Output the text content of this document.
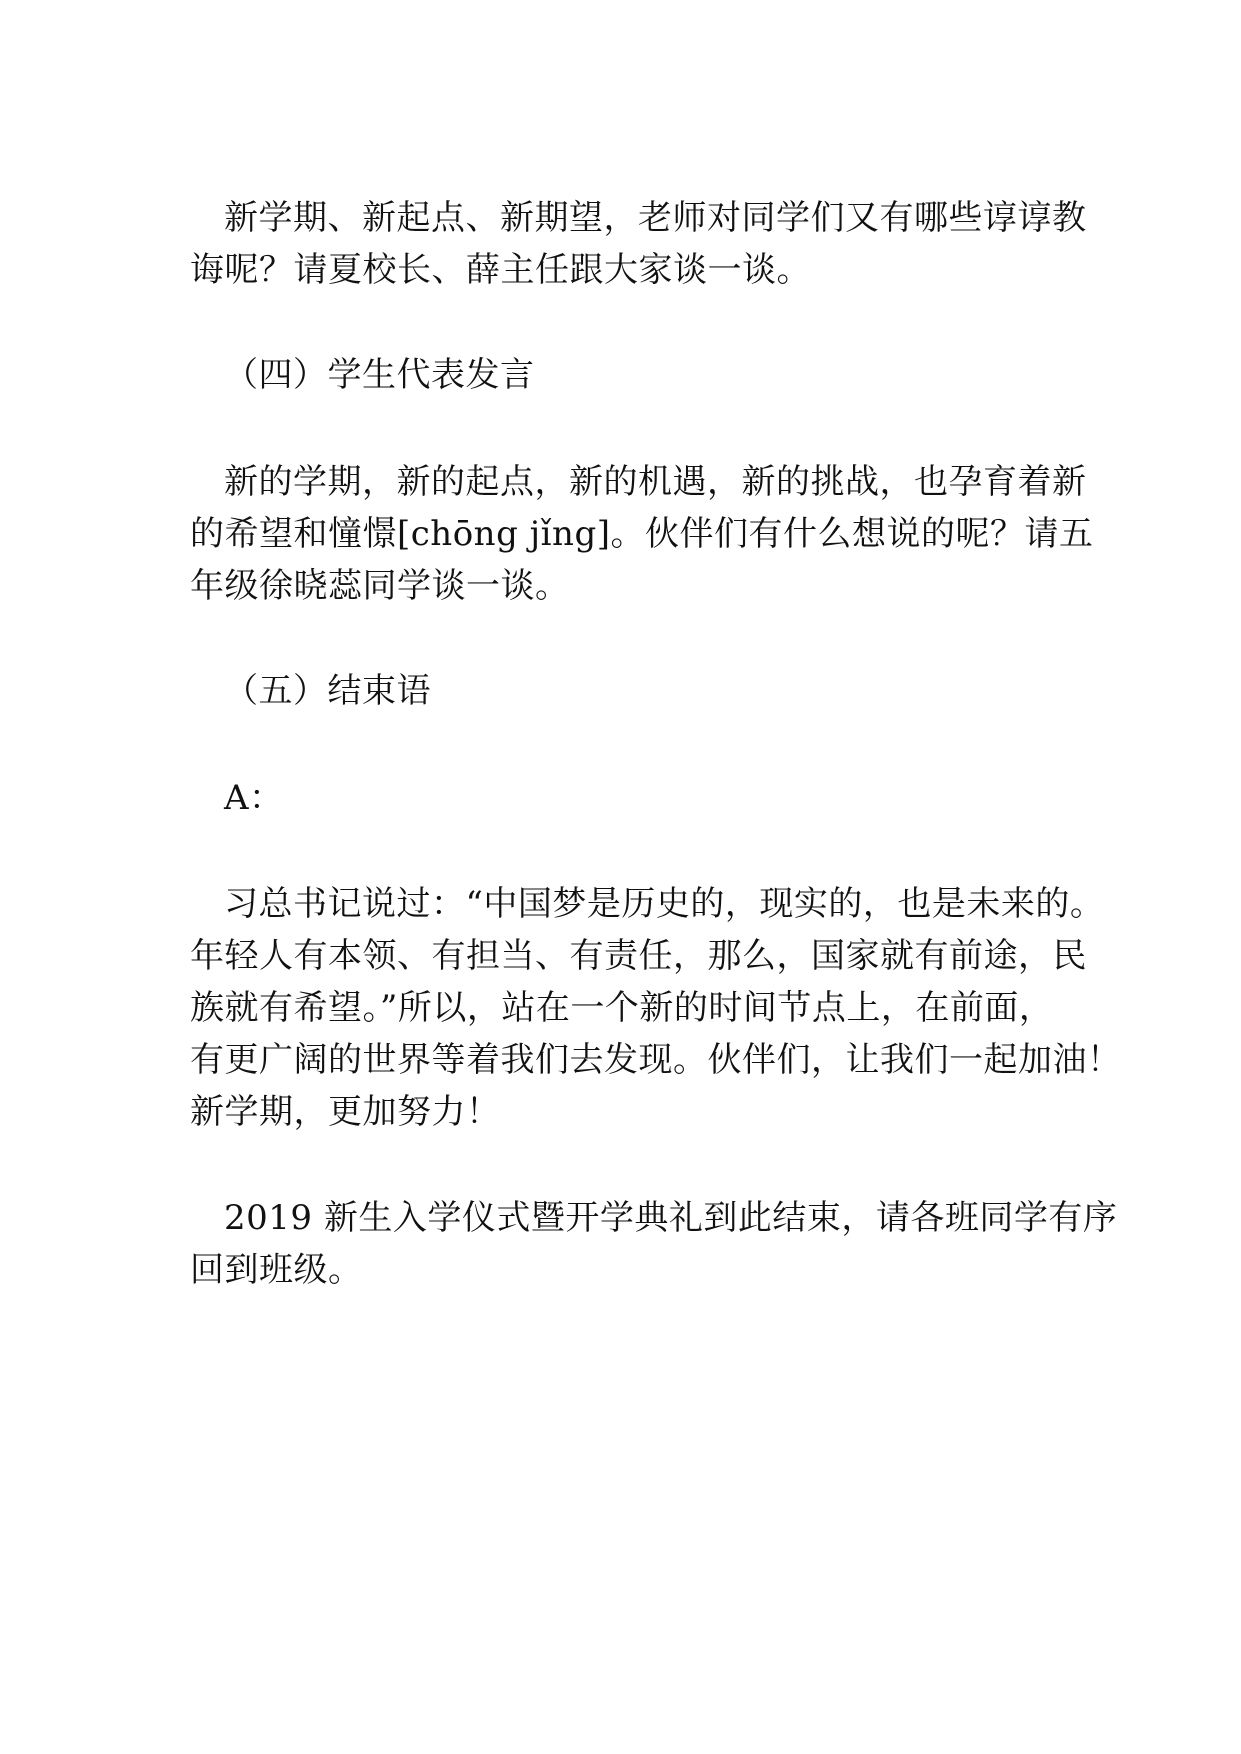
新学期、新起点、新期望，老师对同学们又有哪些谆谆教
诲呢？请夏校长、薛主任跟大家谈一谈。
（四）学生代表发言
新的学期，新的起点，新的机遇，新的挑战，也孕育着新
的希望和憧憬[chōng jǐng]。伙伴们有什么想说的呢？请五
年级徐晓蕊同学谈一谈。
（五）结束语
A：
习总书记说过：“中国梦是历史的，现实的，也是未来的。
年轻人有本领、有担当、有责任，那么，国家就有前途，民
族就有希望。”所以，站在一个新的时间节点上，在前面，
有更广阔的世界等着我们去发现。伙伴们，让我们一起加油！
新学期，更加努力！
2019 新生入学仪式暨开学典礼到此结束，请各班同学有序
回到班级。
